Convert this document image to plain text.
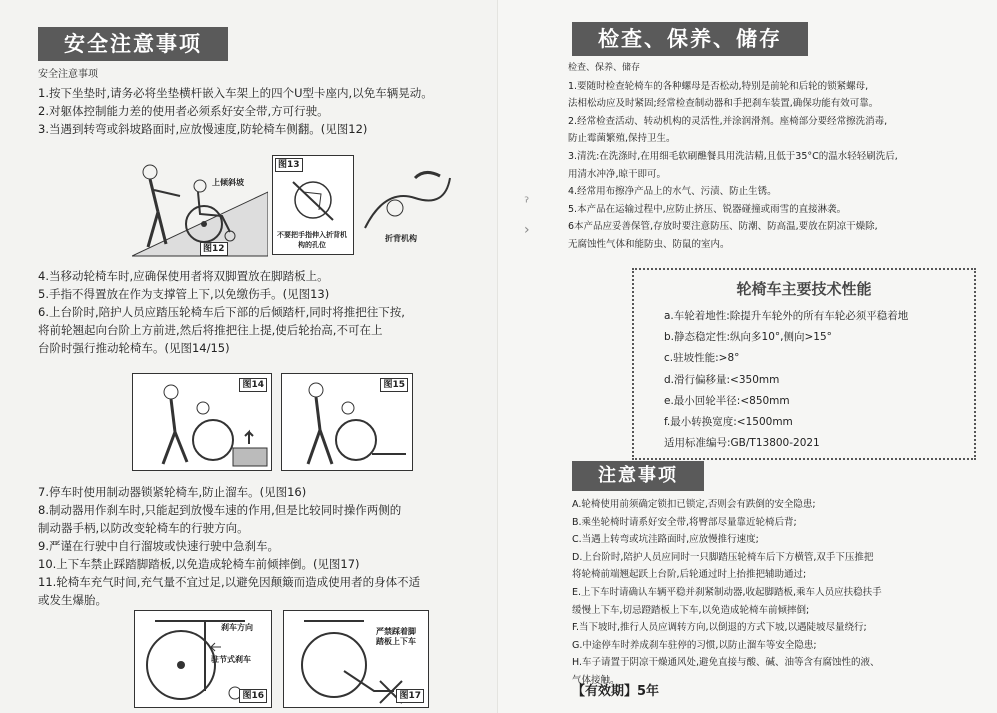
安全注意事项

安全注意事项

1.按下坐垫时,请务必将坐垫横杆嵌入车架上的四个U型卡座内,以免车辆晃动。

2.对躯体控制能力差的使用者必须系好安全带,方可行驶。

3.当遇到转弯或斜坡路面时,应放慢速度,防轮椅车侧翻。(见图12)

上倾斜坡
图12
图13
不要把手指伸入折背机构的孔位
折背机构

4.当移动轮椅车时,应确保使用者将双脚置放在脚踏板上。

5.手指不得置放在作为支撑管上下,以免缴伤手。(见图13)

6.上台阶时,陪护人员应踏压轮椅车后下部的后倾踏杆,同时将推把往下按,

将前轮翘起向台阶上方前进,然后将推把往上提,使后轮抬高,不可在上

台阶时强行推动轮椅车。(见图14/15)

图14	图15

7.停车时使用制动器锁紧轮椅车,防止溜车。(见图16)

8.制动器用作刹车时,只能起到放慢车速的作用,但是比较同时操作两侧的

制动器手柄,以防改变轮椅车的行驶方向。

9.严谨在行驶中自行溜坡或快速行驶中急刹车。

10.上下车禁止踩踏脚踏板,以免造成轮椅车前倾摔倒。(见图17)

11.轮椅车充气时间,充气量不宜过足,以避免因颠簸而造成使用者的身体不适

或发生爆胎。

刹车方向
驻节式刹车
图16
严禁踩着脚踏板上下车
图17
ˀ
›
检查、保养、储存

检查、保养、储存

1.要随时检查轮椅车的各种螺母是否松动,特别是前轮和后轮的锁紧螺母,

法相松动应及时紧固;经常检查制动器和手把刹车装置,确保功能有效可靠。

2.经常检查活动、转动机构的灵活性,并涂润滑剂。座椅部分要经常擦洗消毒,

防止霉菌繁殖,保持卫生。

3.清洗:在洗涤时,在用细毛软刷醮餐具用洗洁精,且低于35°C的温水轻轻刷洗后,

用清水冲净,晾干即可。

4.经常用布擦净产品上的水气、污渍、防止生锈。

5.本产品在运输过程中,应防止挤压、锐器碰撞或雨雪的直接淋袭。

6本产品应妥善保管,存放时要注意防压、防潮、防高温,要放在阴凉干燥除,

无腐蚀性气体和能防虫、防鼠的室内。

轮椅车主要技术性能

a.车轮着地性:除提升车轮外的所有车轮必须平稳着地

b.静态稳定性:纵向多10°,侧向>15°

c.驻坡性能:>8°

d.滑行偏移量:<350mm

e.最小回轮半径:<850mm

f.最小转换宽度:<1500mm

适用标准编号:GB/T13800-2021

注意事项

A.轮椅使用前须确定锁扣已锁定,否则会有跌倒的安全隐患;

B.乘坐轮椅时请系好安全带,将臀部尽量靠近轮椅后背;

C.当遇上转弯或坑洼路面时,应放慢推行速度;

D.上台阶时,陪护人员应同时一只脚踏压轮椅车后下方横管,双手下压推把

将轮椅前端翘起跃上台阶,后轮通过时上抬推把辅助通过;

E.上下车时请确认车辆平稳并刹紧制动器,收起脚踏板,乘车人员应扶稳扶手

缓慢上下车,切忌蹬踏板上下车,以免造成轮椅车前倾摔倒;

F.当下坡时,推行人员应调转方向,以倒退的方式下坡,以遇陡坡尽量绕行;

G.中途停车时养成刹车驻停的习惯,以防止溜车等安全隐患;

H.车子请置于阴凉干燥通风处,避免直接与酸、碱、油等含有腐蚀性的液、

气体接触。

【有效期】5年
